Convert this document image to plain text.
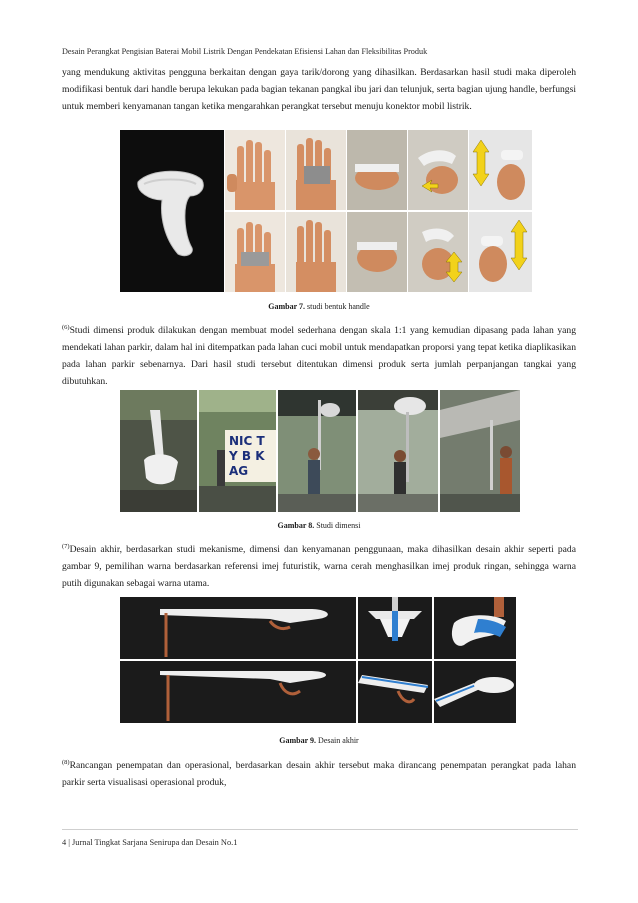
Desain Perangkat Pengisian Baterai Mobil Listrik Dengan Pendekatan Efisiensi Lahan dan Fleksibilitas Produk
yang mendukung aktivitas pengguna berkaitan dengan gaya tarik/dorong yang dihasilkan. Berdasarkan hasil studi maka diperoleh modifikasi bentuk dari handle berupa lekukan pada bagian tekanan pangkal ibu jari dan telunjuk, serta bagian ujung handle, berfungsi untuk memberi kenyamanan tangan ketika mengarahkan perangkat tersebut menuju konektor mobil listrik.
Gambar 7. studi bentuk handle
$^{(6)}$Studi dimensi produk dilakukan dengan membuat model sederhana dengan skala 1:1 yang kemudian dipasang pada lahan yang mendekati lahan parkir, dalam hal ini ditempatkan pada lahan cuci mobil untuk mendapatkan proporsi yang tepat ketika diaplikasikan pada lahan parkir sebenarnya. Dari hasil studi tersebut ditentukan dimensi produk serta jumlah perpanjangan tangkai yang dibutuhkan.
NIC TY B KAG
Gambar 8. Studi dimensi
$^{(7)}$Desain akhir, berdasarkan studi mekanisme, dimensi dan kenyamanan penggunaan, maka dihasilkan desain akhir seperti pada gambar 9, pemilihan warna berdasarkan referensi imej futuristik, warna cerah menghasilkan imej produk ringan, sehingga warna putih digunakan sebagai warna utama.
Gambar 9. Desain akhir
$^{(8)}$Rancangan penempatan dan operasional, berdasarkan desain akhir tersebut maka dirancang penempatan perangkat pada lahan parkir serta visualisasi operasional produk,
4 | Jurnal Tingkat Sarjana Senirupa dan Desain No.1
